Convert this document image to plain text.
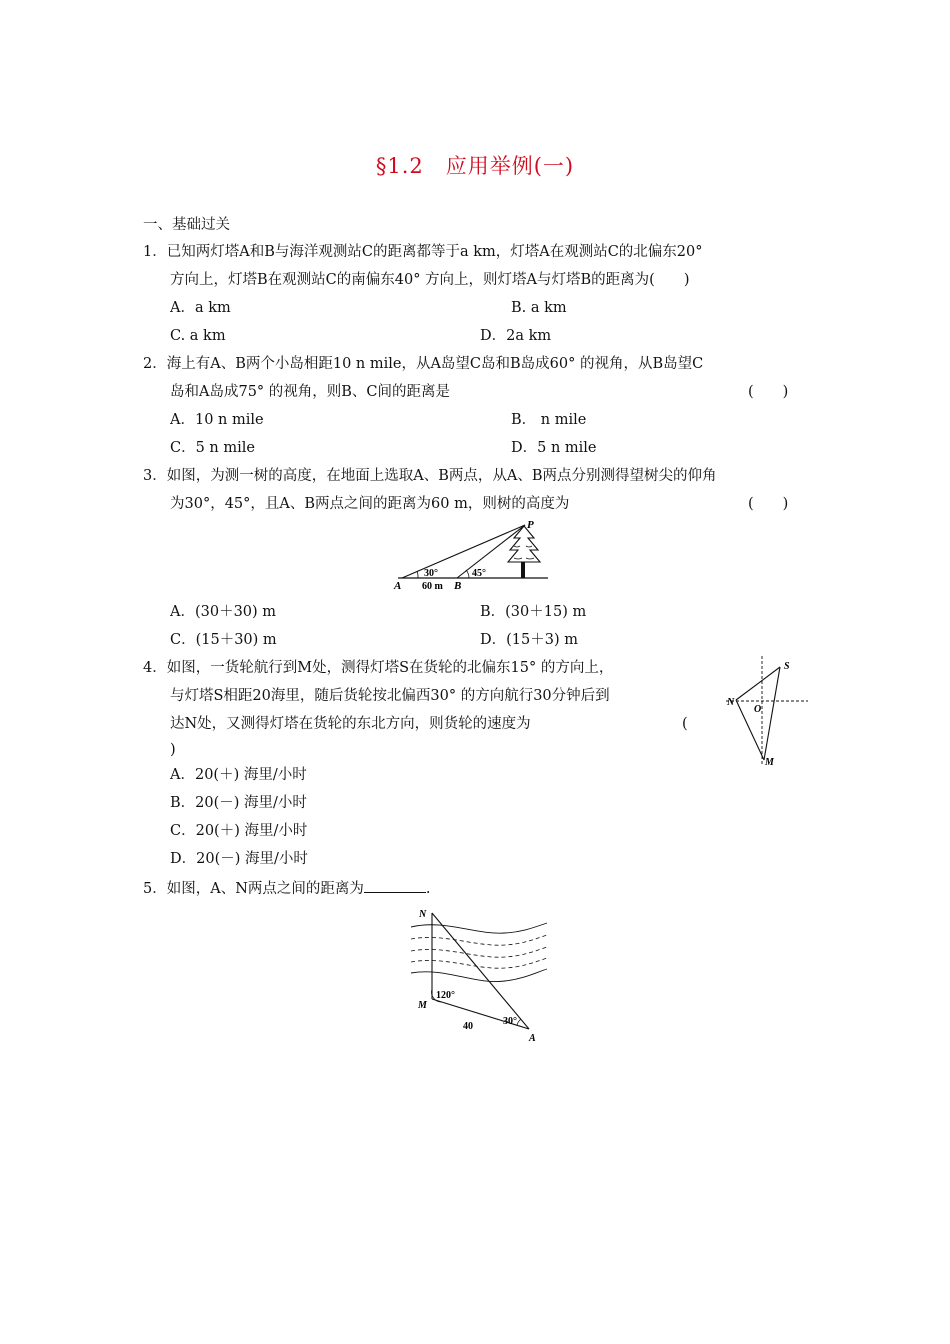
§1.2　应用举例(一)
一、基础过关
1．已知两灯塔A和B与海洋观测站C的距离都等于a km，灯塔A在观测站C的北偏东20°
方向上，灯塔B在观测站C的南偏东40° 方向上，则灯塔A与灯塔B的距离为(　　)
A．a km	B. a km
C. a km	D．2a km
2．海上有A、B两个小岛相距10 n mile，从A岛望C岛和B岛成60° 的视角，从B岛望C
岛和A岛成75° 的视角，则B、C间的距离是	(　　)
A．10 n mile	B． n mile
C．5 n mile	D．5 n mile
3．如图，为测一树的高度，在地面上选取A、B两点，从A、B两点分别测得望树尖的仰角
为30°，45°，且A、B两点之间的距离为60 m，则树的高度为	(　　)
P
A	B
30°	45°
60 m
A．(30＋30) m	B．(30＋15) m
C．(15＋30) m	D．(15＋3) m
4．如图，一货轮航行到M处，测得灯塔S在货轮的北偏东15° 的方向上，
与灯塔S相距20海里，随后货轮按北偏西30° 的方向航行30分钟后到
达N处，又测得灯塔在货轮的东北方向，则货轮的速度为	(
)
S
N
O
M
A．20(＋) 海里/小时
B．20(－) 海里/小时
C．20(＋) 海里/小时
D．20(－) 海里/小时
5．如图，A、N两点之间的距离为	.
N
M
A
120°
30°
40
